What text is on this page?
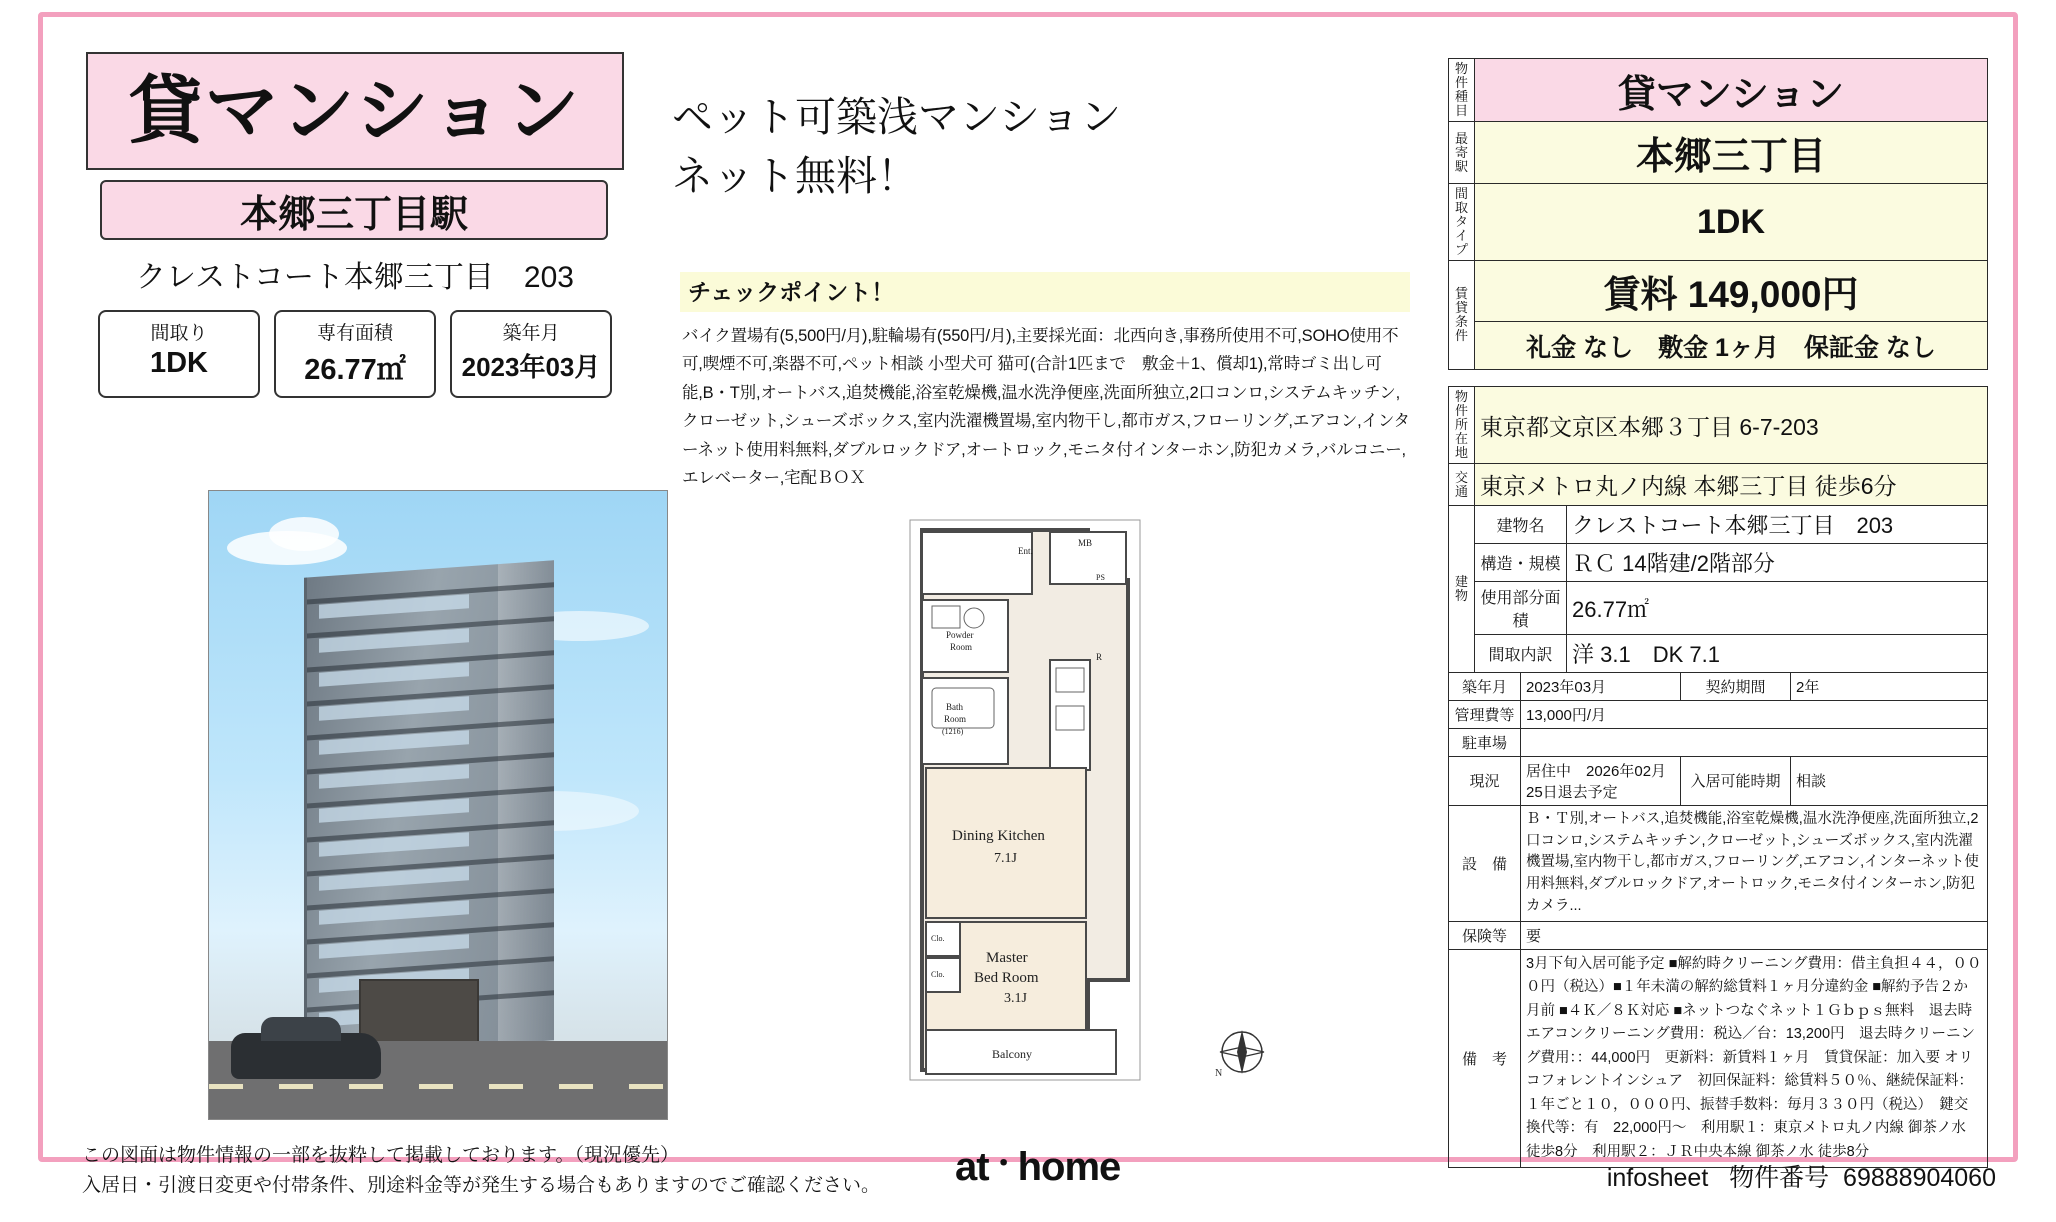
貸マンション
本郷三丁目駅
クレストコート本郷三丁目　203
間取り
1DK
専有面積
26.77㎡
築年月
2023年03月
ペット可築浅マンション
ネット無料！
チェックポイント！
バイク置場有(5,500円/月),駐輪場有(550円/月),主要採光面：北西向き,事務所使用不可,SOHO使用不可,喫煙不可,楽器不可,ペット相談 小型犬可 猫可(合計1匹まで　敷金＋1、償却1),常時ゴミ出し可能,B・T別,オートバス,追焚機能,浴室乾燥機,温水洗浄便座,洗面所独立,2口コンロ,システムキッチン,クローゼット,シューズボックス,室内洗濯機置場,室内物干し,都市ガス,フローリング,エアコン,インターネット使用料無料,ダブルロックドア,オートロック,モニタ付インターホン,防犯カメラ,バルコニー,エレベーター,宅配ＢＯＸ
Ent.
MB
PS
Powder
Room
Bath
Room
(1216)
R
Dining Kitchen
7.1J
Master
Bed Room
3.1J
Clo.
Clo.
Balcony
N
物
件
種
目	貸マンション

最
寄
駅	本郷三丁目

間
取
タ
イ
プ	1DK

賃
貸
条
件	賃料 149,000円
	礼金 なし　敷金 1ヶ月　保証金 なし
物
件
所
在
地	東京都文京区本郷３丁目 6-7-203	

交
通	東京メトロ丸ノ内線 本郷三丁目 徒歩6分	

建
物	建物名	クレストコート本郷三丁目　203
	構造・規模	ＲＣ 14階建/2階部分
	使用部分面積	26.77㎡
	間取内訳	洋 3.1　DK 7.1
築年月	2023年03月	契約期間	2年
管理費等	13,000円/月		
駐車場			
現況	居住中　2026年02月25日退去予定	入居可能時期	相談
設　備	Ｂ・Ｔ別,オートバス,追焚機能,浴室乾燥機,温水洗浄便座,洗面所独立,2口コンロ,システムキッチン,クローゼット,シューズボックス,室内洗濯機置場,室内物干し,都市ガス,フローリング,エアコン,インターネット使用料無料,ダブルロックドア,オートロック,モニタ付インターホン,防犯カメラ...		
保険等	要		
備　考	3月下旬入居可能予定 ■解約時クリーニング費用：借主負担４４，０００円（税込）■１年未満の解約総賃料１ヶ月分違約金 ■解約予告２か月前 ■４Ｋ／８Ｋ対応 ■ネットつなぐネット１Ｇｂｐｓ無料　退去時エアコンクリーニング費用：税込／台：13,200円　退去時クリーニング費用：：44,000円　更新料：新賃料１ヶ月　賃貸保証：加入要 オリコフォレントインシュア　初回保証料：総賃料５０％、継続保証料：１年ごと１０，０００円、振替手数料：毎月３３０円（税込）　鍵交換代等：有　22,000円〜　利用駅１：東京メトロ丸ノ内線 御茶ノ水 徒歩8分　利用駅２：ＪＲ中央本線 御茶ノ水 徒歩8分		
この図面は物件情報の一部を抜粋して掲載しております。（現況優先）
入居日・引渡日変更や付帯条件、別途料金等が発生する場合もありますのでご確認ください。 at・home	infosheet 物件番号 69888904060
